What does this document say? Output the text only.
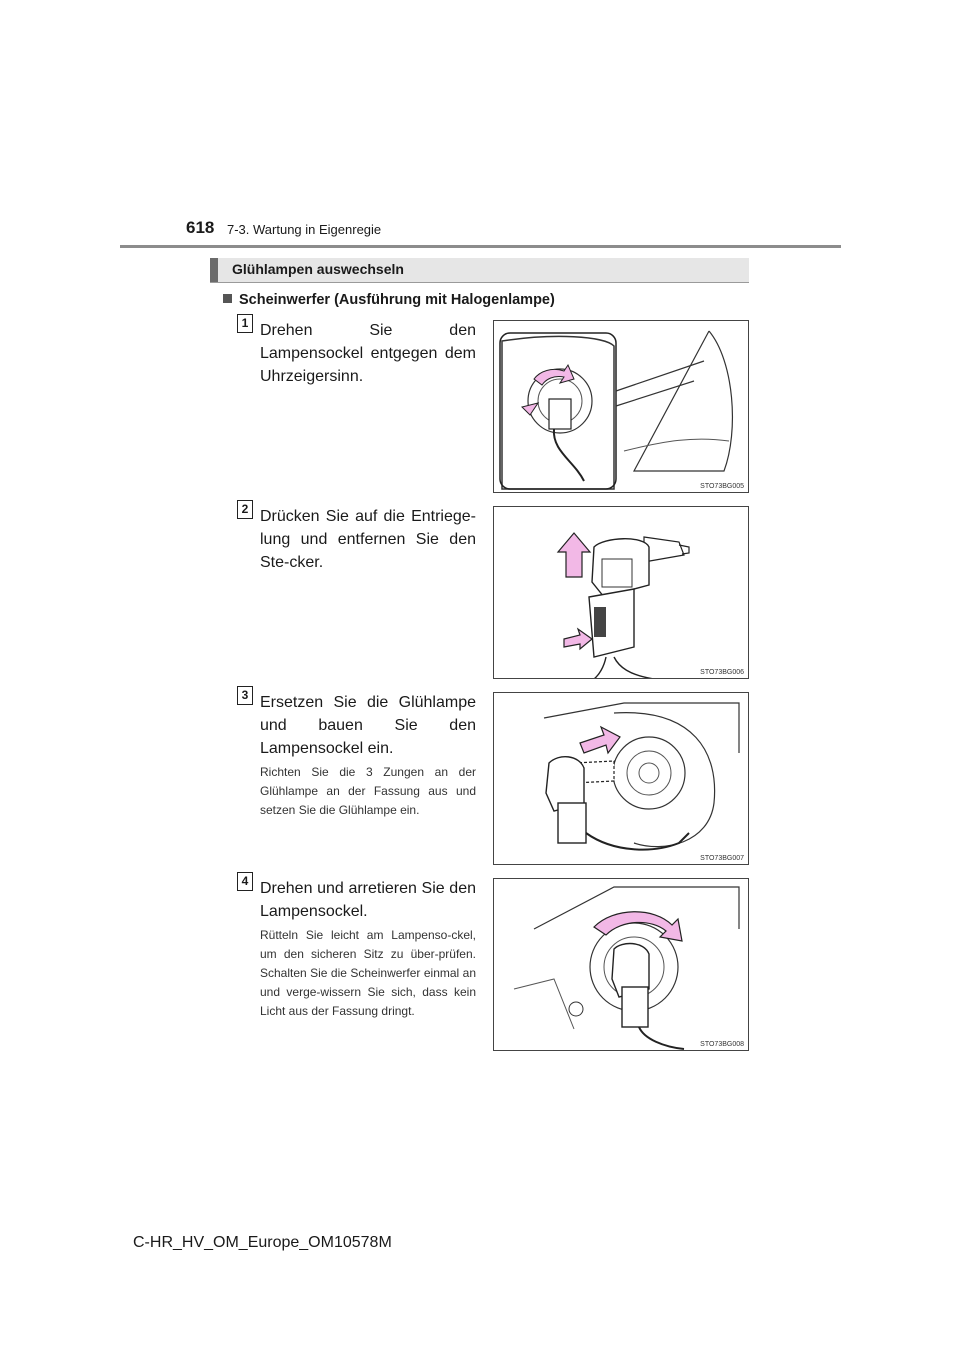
618 7-3. Wartung in Eigenregie
Glühlampen auswechseln
Scheinwerfer (Ausführung mit Halogenlampe)
1 Drehen Sie den Lampensockel entgegen dem Uhrzeigersinn.
STO73BG005
2 Drücken Sie auf die Entriege-lung und entfernen Sie den Ste-cker.
STO73BG006
3 Ersetzen Sie die Glühlampe und bauen Sie den Lampensockel ein.
Richten Sie die 3 Zungen an der Glühlampe an der Fassung aus und setzen Sie die Glühlampe ein.
STO73BG007
4 Drehen und arretieren Sie den Lampensockel.
Rütteln Sie leicht am Lampenso-ckel, um den sicheren Sitz zu über-prüfen. Schalten Sie die Scheinwerfer einmal an und verge-wissern Sie sich, dass kein Licht aus der Fassung dringt.
STO73BG008
C-HR_HV_OM_Europe_OM10578M
